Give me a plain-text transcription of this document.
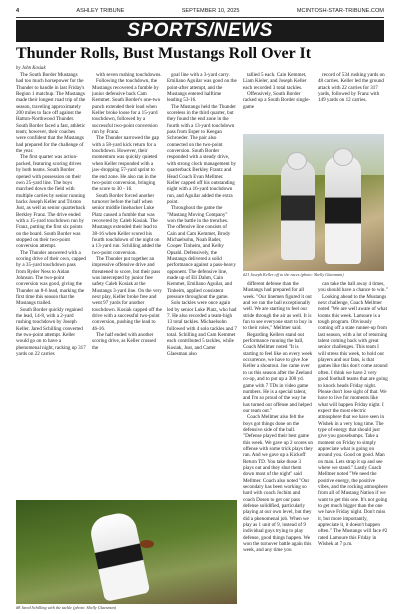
4	ASHLEY TRIBUNE	SEPTEMBER 10, 2025	MCINTOSH-STAR-TRIBUNE.COM
SPORTS/NEWS
Thunder Rolls, Bust Mustangs Roll Over It
by John Kosiak

The South Border Mustangs had too much horsepower for the Thunder to handle in last Friday's Region 1 matchup. The Mustangs made their longest road trip of the season, traveling approximately 200 miles to face off against the Hatton-Northwood Thunder. South Border faced a fast, athletic team; however, their coaches were confident that the Mustangs had prepared for the challenge of the year.

The first quarter was action-packed, featuring scoring drives by both teams. South Border opened with possession on their own 25-yard line. The boys marched down the field with multiple carries by senior running backs Joseph Keller and Triston Just, as well as senior quarterback Berkley Franz. The drive ended with a 15-yard touchdown run by Franz, putting the first six points on the board. South Border was stopped on their two-point conversion attempt.

The Thunder answered with a scoring drive of their own, capped by a 35-yard touchdown pass from Ryder Ness to Aidan Johnson. The two-point conversion was good, giving the Thunder an 8-6 lead, marking the first time this season that the Mustangs trailed.

South Border quickly regained the lead, 14-8, with a 2-yard rushing touchdown by Joseph Keller. Jared Schilling converted the two-point attempt. Keller would go on to have a phenomenal night, racking up 317 yards on 22 carries

with seven rushing touchdowns.

Following the touchdown, the Mustangs recovered a fumble by junior defensive back Cam Kemmet. South Border's one-two punch extended their lead when Keller broke loose for a 15-yard touchdown, followed by a successful two-point conversion run by Franz.

The Thunder narrowed the gap with a 58-yard kick return for a touchdown. However, their momentum was quickly quieted when Keller responded with a jaw-dropping 57-yard sprint to the end zone. He also ran in the two-point conversion, bringing the score to 30 - 16.

South Border forced another turnover before the half when senior middle linebacker Luke Platz caused a fumble that was recovered by Caleb Kosiak. The Mustangs extended their lead to 38-16 when Keller scored his fourth touchdown of the night on a 13-yard run. Schilling added the two-point conversion.

The Thunder put together an impressive offensive drive and threatened to score, but their pass was intercepted by junior free safety Caleb Kosiak at the Mustangs 3-yard line. On the very next play, Keller broke free and went 97 yards for another touchdown. Kosiak capped off the drive with a successful two-point conversion, pushing the lead to 46-16.

The half ended with another scoring drive, as Keller crossed the

goal line with a 3-yard carry. Emiliano Aguilar was good on the point-after attempt, and the Mustangs entered halftime leading 53-16.

The Mustangs held the Thunder scoreless in the third quarter, but they found the end zone in the fourth with a 13-yard touchdown pass from Esper to Keegan Schroeder. The pair also connected on the two-point conversion. South Border responded with a steady drive, with strong clock management by quarterback Berkley Frantz and Head Coach Evan Mellmer. Keller capped off his outstanding night with a 16-yard touchdown run, and Aguilar added the extra point.

Throughout the game the "Mustang Moving Company" won the battle in the trenches. The offensive line consists of Cain and Cam Kemmet, Brody Michaelsohn, Noah Bader, Cooper Tinheim, and Kelby Opsahl. Defensively, the Mustangs delivered a solid performance against a pass-heavy opponent. The defensive line, made up of Eli Dahm, Cain Kemmet, Emiliano Aguilar, and Tinheim, applied consistent pressure throughout the game.

Solo tackles were once again led by senior Luke Platz, who had 7. He also recorded a team-high 13 total tackles. Michaelsohn followed with 4 solo tackles and 7 total. Schilling and Cam Kemmet each contributed 5 tackles, while Kosiak, Just, and Carter Glaesman also

tallied 5 each. Cain Kemmet, Liam Kieler, and Joseph Keller each recorded 3 total tackles.

Offensively, South Border racked up a South Border single-game

record of 534 rushing yards on 48 carries. Keller led the ground attack with 22 carries for 317 yards, followed by Franz with 149 yards on 12 carries.

#21 Joseph Keller off to the races (photo: Shelly Glaesman)

different defense than the Mustangs had prepared for all week. "Our linemen figured it out and we ran the ball exceptionally well. We are starting to feel our stride through the air as well. It is fun to see everyone start to buy in to their roles," Mellmer said.

Regarding Kellers stand out performance running the ball, Coach Mellmer noted "It is starting to feel like on every week occurrence, we have to give Joe Keller a shoutout. Joe came over to us this season after the Zeeland co-op, and to put up a 300 yd. game with 7 TDs in video game numbers. He is a special talent, and I'm so proud of the way he has turned our offense and helped our team out."

Coach Mellmer also felt the boys got things done on the defensive side of the ball. "Defense played their best game this week. We gave up 2 scores on offense with some trick plays they ran. And we gave up a Kickoff Return TD. You take those 3 plays out and they shut them down most of the night" said Mellmer. Coach also noted "Our secondary has been working so hard with coach Jochim and coach Dosen to get our pass defense solidified, particularly playing at our own level, but they did a phenomenal job. When we play as 1 unit of 9, instead of 9 individual guys trying to play defense, good things happen. We won the turnover battle again this week, and any time you

can take the ball away 4 times, you should have a chance to win."

Looking ahead to the Mustangs next challenge, Coach Mellmer noted "We are well aware of what looms this week. Lamoure is a tough program. Obviously coming off a state runner-up from last season, with a lot of returning talent coming back with great senior challenges. This team I will stress this week, to hold our players and our fans, is that games like this don't come around often. I think we have 2 very good football teams that are going to knock heads Friday night. Please don't lose sight of that. We have to live for moments like what will happen Friday night. I expect the most electric atmosphere that we have seen in Wishek in a very long time. The type of energy that should just give you goosebumps. Take a moment on Friday to simply appreciate what is going on around you. Good on good. Man on man. Lets strap it up and see where we stand." Lastly Coach Mellmer noted "We need the positive energy, the positive vibes, and the rocking atmosphere from all of Mustang Nation if we want to get this one. It's not going to get much bigger than the one we have Friday night. Don't miss it, but more importantly, appreciate it, it doesn't happen often." The Mustangs will face #2 rated Lamoure this Friday in Wishek at 7 p.m.

#8 Jared Schilling with the tackle (photo: Shelly Glaesman)
